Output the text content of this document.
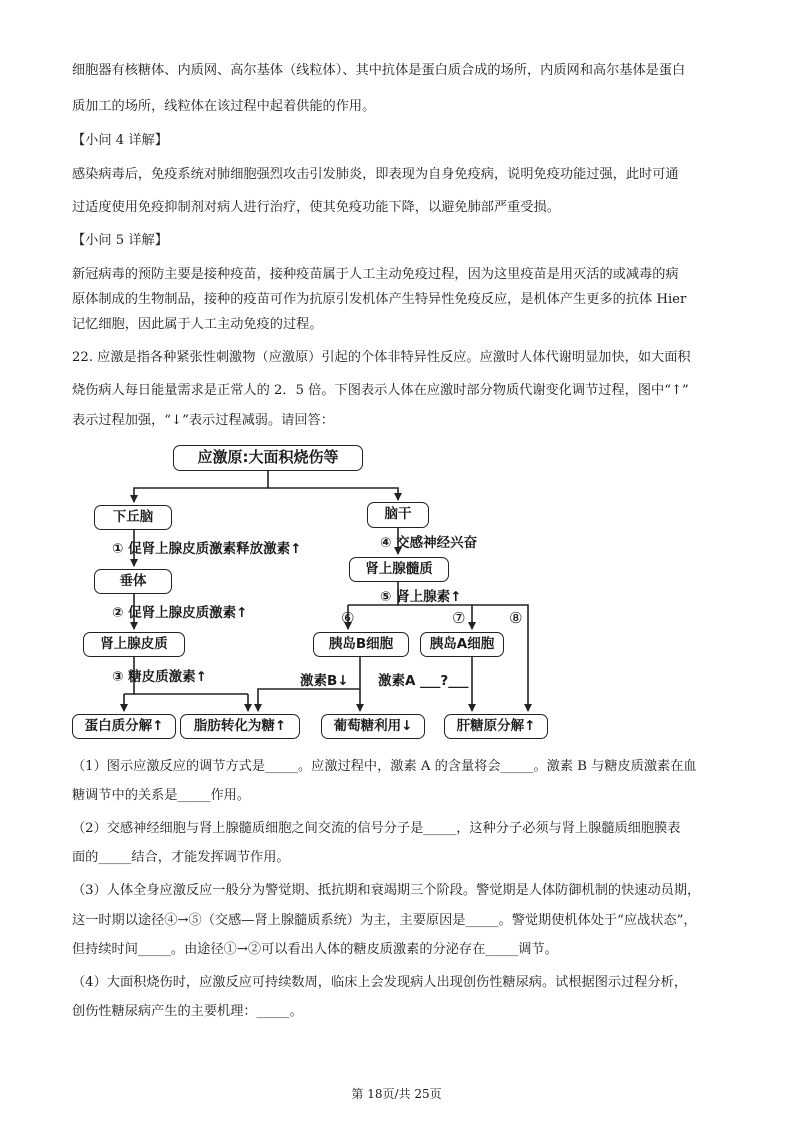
细胞器有核糖体、内质网、高尔基体（线粒体）、其中抗体是蛋白质合成的场所，内质网和高尔基体是蛋白
质加工的场所，线粒体在该过程中起着供能的作用。
【小问 4 详解】
感染病毒后，免疫系统对肺细胞强烈攻击引发肺炎，即表现为自身免疫病，说明免疫功能过强，此时可通
过适度使用免疫抑制剂对病人进行治疗，使其免疫功能下降，以避免肺部严重受损。
【小问 5 详解】
新冠病毒的预防主要是接种疫苗，接种疫苗属于人工主动免疫过程，因为这里疫苗是用灭活的或减毒的病
原体制成的生物制品，接种的疫苗可作为抗原引发机体产生特异性免疫反应，是机体产生更多的抗体 Hier
记忆细胞，因此属于人工主动免疫的过程。
22. 应激是指各种紧张性刺激物（应激原）引起的个体非特异性反应。应激时人体代谢明显加快，如大面积
烧伤病人每日能量需求是正常人的 2．5 倍。下图表示人体在应激时部分物质代谢变化调节过程，图中“↑”
表示过程加强，“↓”表示过程减弱。请回答：
应激原:大面积烧伤等
下丘脑	脑干
① 促肾上腺皮质激素释放激素↑	④ 交感神经兴奋
垂体
肾上腺髓质
② 促肾上腺皮质激素↑
⑤ 肾上腺素↑
⑥	⑦	⑧
肾上腺皮质	胰岛B细胞	胰岛A细胞
③ 糖皮质激素↑	激素B↓ 激素A ___?___
蛋白质分解↑	脂肪转化为糖↑	葡萄糖利用↓	肝糖原分解↑
（1）图示应激反应的调节方式是_____。应激过程中，激素 A 的含量将会_____。激素 B 与糖皮质激素在血
糖调节中的关系是_____作用。
（2）交感神经细胞与肾上腺髓质细胞之间交流的信号分子是_____，这种分子必须与肾上腺髓质细胞膜表
面的_____结合，才能发挥调节作用。
（3）人体全身应激反应一般分为警觉期、抵抗期和衰竭期三个阶段。警觉期是人体防御机制的快速动员期，
这一时期以途径④→⑤（交感—肾上腺髓质系统）为主，主要原因是_____。警觉期使机体处于“应战状态”，
但持续时间_____。由途径①→②可以看出人体的糖皮质激素的分泌存在_____调节。
（4）大面积烧伤时，应激反应可持续数周，临床上会发现病人出现创伤性糖尿病。试根据图示过程分析，
创伤性糖尿病产生的主要机理：_____。
第 18页/共 25页
